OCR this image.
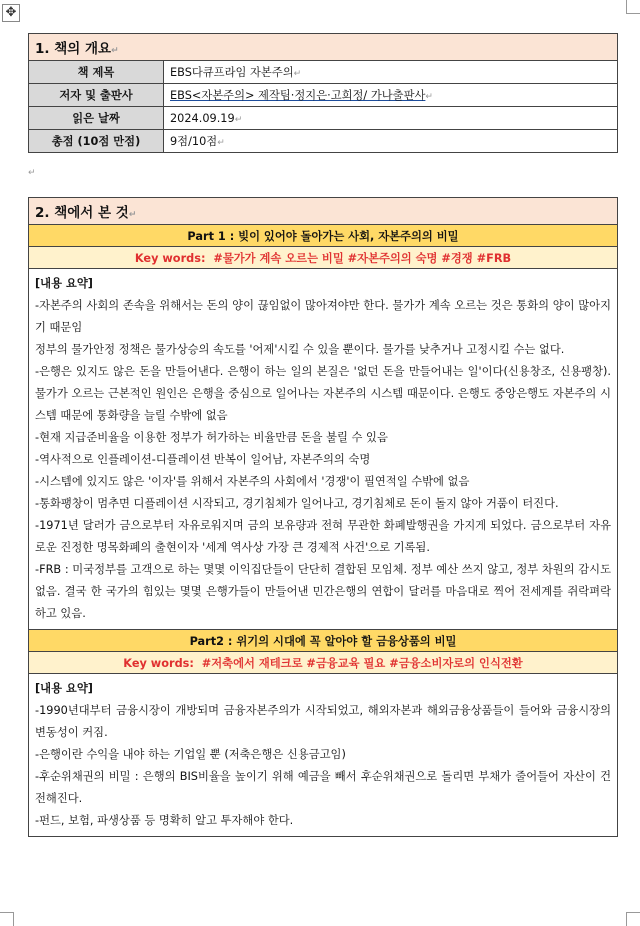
✥
1. 책의 개요↵	
책 제목	EBS다큐프라임 자본주의↵
저자 및 출판사	EBS<자본주의> 제작팀·정지은·고희정/ 가나출판사↵
읽은 날짜	2024.09.19↵
총점 (10점 만점)	9점/10점↵
↵
2. 책에서 본 것↵
Part 1 : 빚이 있어야 돌아가는 사회, 자본주의의 비밀
Key words: #물가가 계속 오르는 비밀 #자본주의의 숙명 #경쟁 #FRB

[내용 요약]

-자본주의 사회의 존속을 위해서는 돈의 양이 끊임없이 많아져야만 한다. 물가가 계속 오르는 것은 통화의 양이 많아지기 때문임

정부의 물가안정 정책은 물가상승의 속도를 '어제'시킬 수 있을 뿐이다. 물가를 낮추거나 고정시킬 수는 없다.

-은행은 있지도 않은 돈을 만들어낸다. 은행이 하는 일의 본질은 '없던 돈을 만들어내는 일'이다(신용창조, 신용팽창). 물가가 오르는 근본적인 원인은 은행을 중심으로 일어나는 자본주의 시스템 때문이다. 은행도 중앙은행도 자본주의 시스템 때문에 통화량을 늘릴 수밖에 없음

-현재 지급준비율을 이용한 정부가 허가하는 비율만큼 돈을 불릴 수 있음

-역사적으로 인플레이션-디플레이션 반복이 일어남, 자본주의의 숙명

-시스템에 있지도 않은 '이자'를 위해서 자본주의 사회에서 '경쟁'이 필연적일 수밖에 없음

-통화팽창이 멈추면 디플레이션 시작되고, 경기침체가 일어나고, 경기침체로 돈이 돌지 않아 거품이 터진다.

-1971년 달러가 금으로부터 자유로워지며 금의 보유량과 전혀 무관한 화폐발행권을 가지게 되었다. 금으로부터 자유로운 진정한 명목화폐의 출현이자 '세계 역사상 가장 큰 경제적 사건'으로 기록됨.

-FRB : 미국정부를 고객으로 하는 몇몇 이익집단들이 단단히 결합된 모임체. 정부 예산 쓰지 않고, 정부 차원의 감시도 없음. 결국 한 국가의 힘있는 몇몇 은행가들이 만들어낸 민간은행의 연합이 달러를 마음대로 찍어 전세계를 쥐락펴락 하고 있음.

Part2 : 위기의 시대에 꼭 알아야 할 금융상품의 비밀
Key words: #저축에서 재테크로 #금융교육 필요 #금융소비자로의 인식전환

[내용 요약]

-1990년대부터 금융시장이 개방되며 금융자본주의가 시작되었고, 해외자본과 해외금융상품들이 들어와 금융시장의 변동성이 커짐.

-은행이란 수익을 내야 하는 기업일 뿐 (저축은행은 신용금고임)

-후순위채권의 비밀 : 은행의 BIS비율을 높이기 위해 예금을 빼서 후순위채권으로 돌리면 부채가 줄어들어 자산이 건전해진다.

-펀드, 보험, 파생상품 등 명확히 알고 투자해야 한다.
